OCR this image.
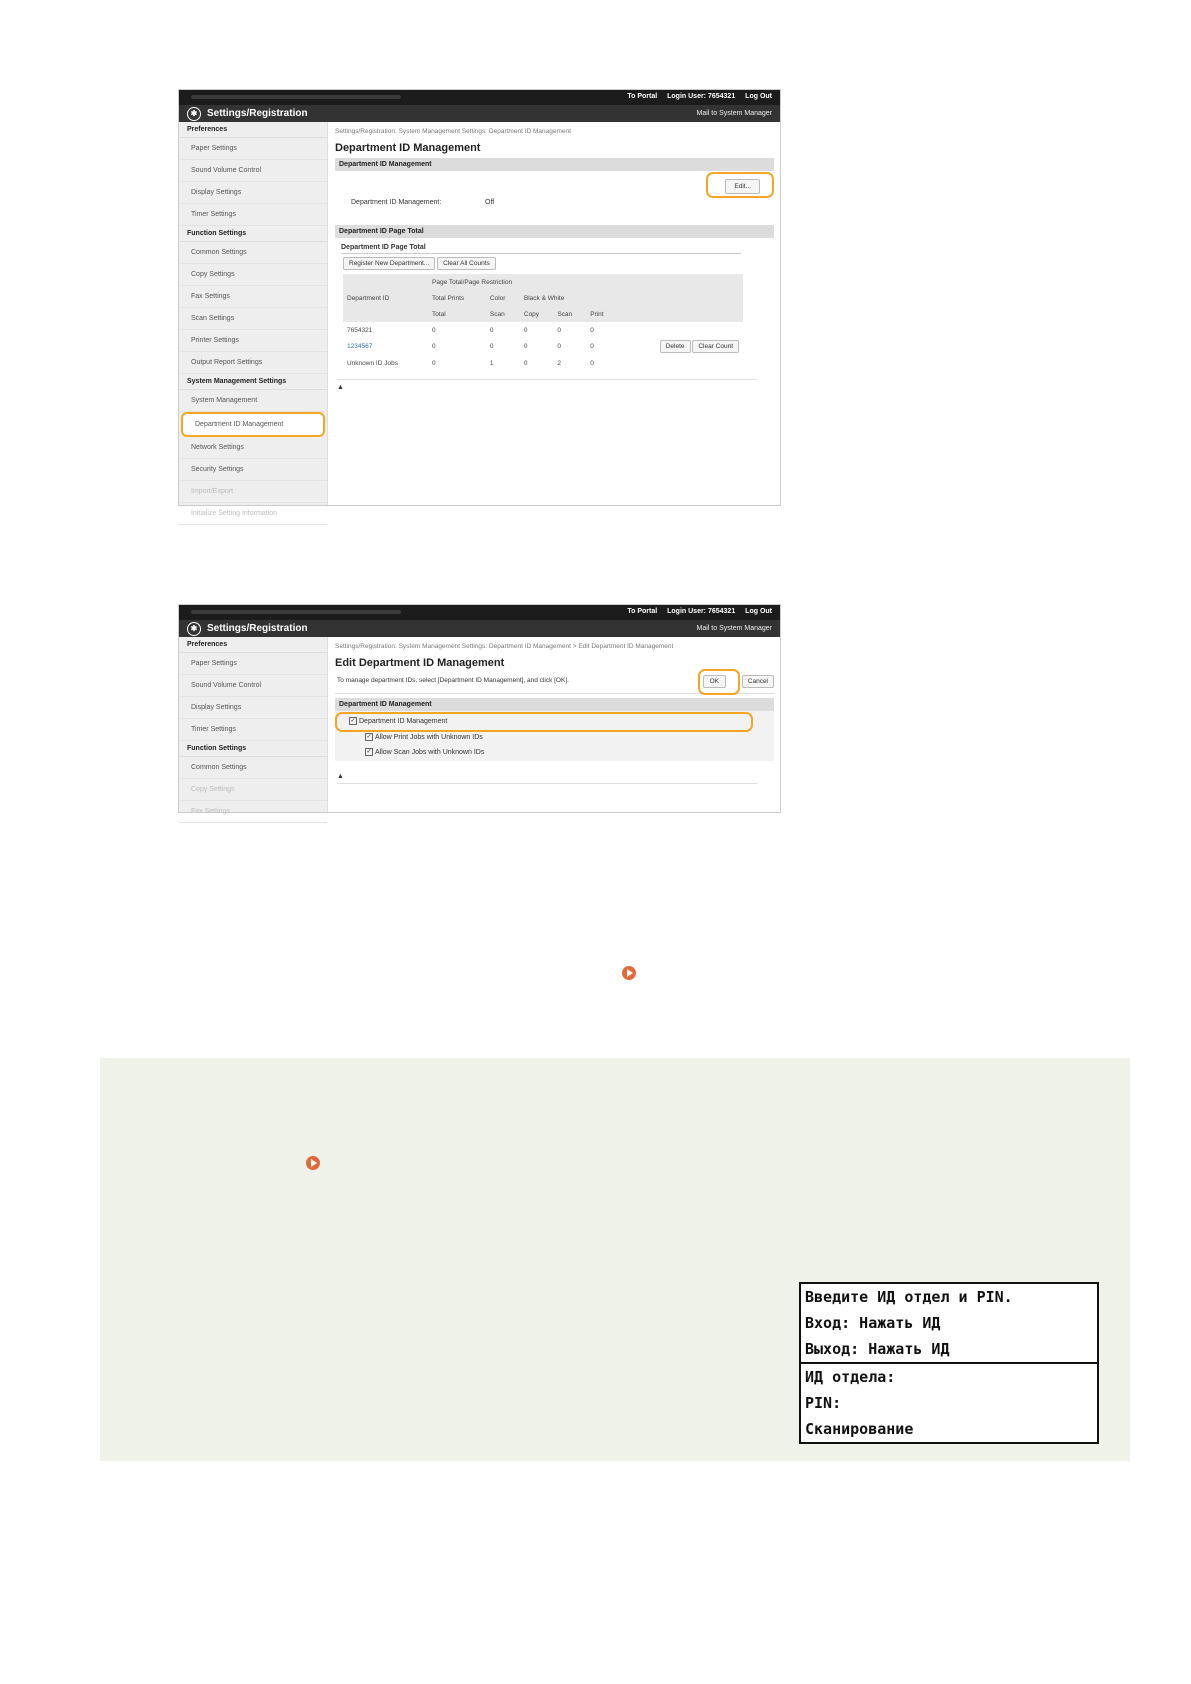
To Portal Login User: 7654321 Log Out
✱ Settings/Registration	Mail to System Manager
Preferences
Paper Settings
Sound Volume Control
Display Settings
Timer Settings
Function Settings
Common Settings
Copy Settings
Fax Settings
Scan Settings
Printer Settings
Output Report Settings
System Management Settings
System Management
Department ID Management
Network Settings
Security Settings
Import/Export
Initialize Setting Information
Settings/Registration: System Management Settings: Department ID Management
Department ID Management
Department ID Management
Edit...
Department ID Management:	Off
Department ID Page Total
Department ID Page Total
Register New Department... Clear All Counts
Department ID	Page Total/Page Restriction					
	Total Prints	Color	Black & White			
	Total	Scan	Copy	Scan	Print	
7654321	0	0	0	0	0	
1234567	0	0	0	0	0	Delete Clear Count
Unknown ID Jobs	0	1	0	2	0	
▲
To Portal Login User: 7654321 Log Out
✱ Settings/Registration	Mail to System Manager
Preferences
Paper Settings
Sound Volume Control
Display Settings
Timer Settings
Function Settings
Common Settings
Copy Settings
Fax Settings
Settings/Registration: System Management Settings: Department ID Management > Edit Department ID Management
Edit Department ID Management
To manage department IDs, select [Department ID Management], and click [OK].	OK	Cancel
Department ID Management
✓ Department ID Management
✓ Allow Print Jobs with Unknown IDs
✓ Allow Scan Jobs with Unknown IDs
▲
Введите ИД отдел и PIN.
Вход: Нажать ИД
Выход: Нажать ИД
ИД отдела:
PIN:
Сканирование
